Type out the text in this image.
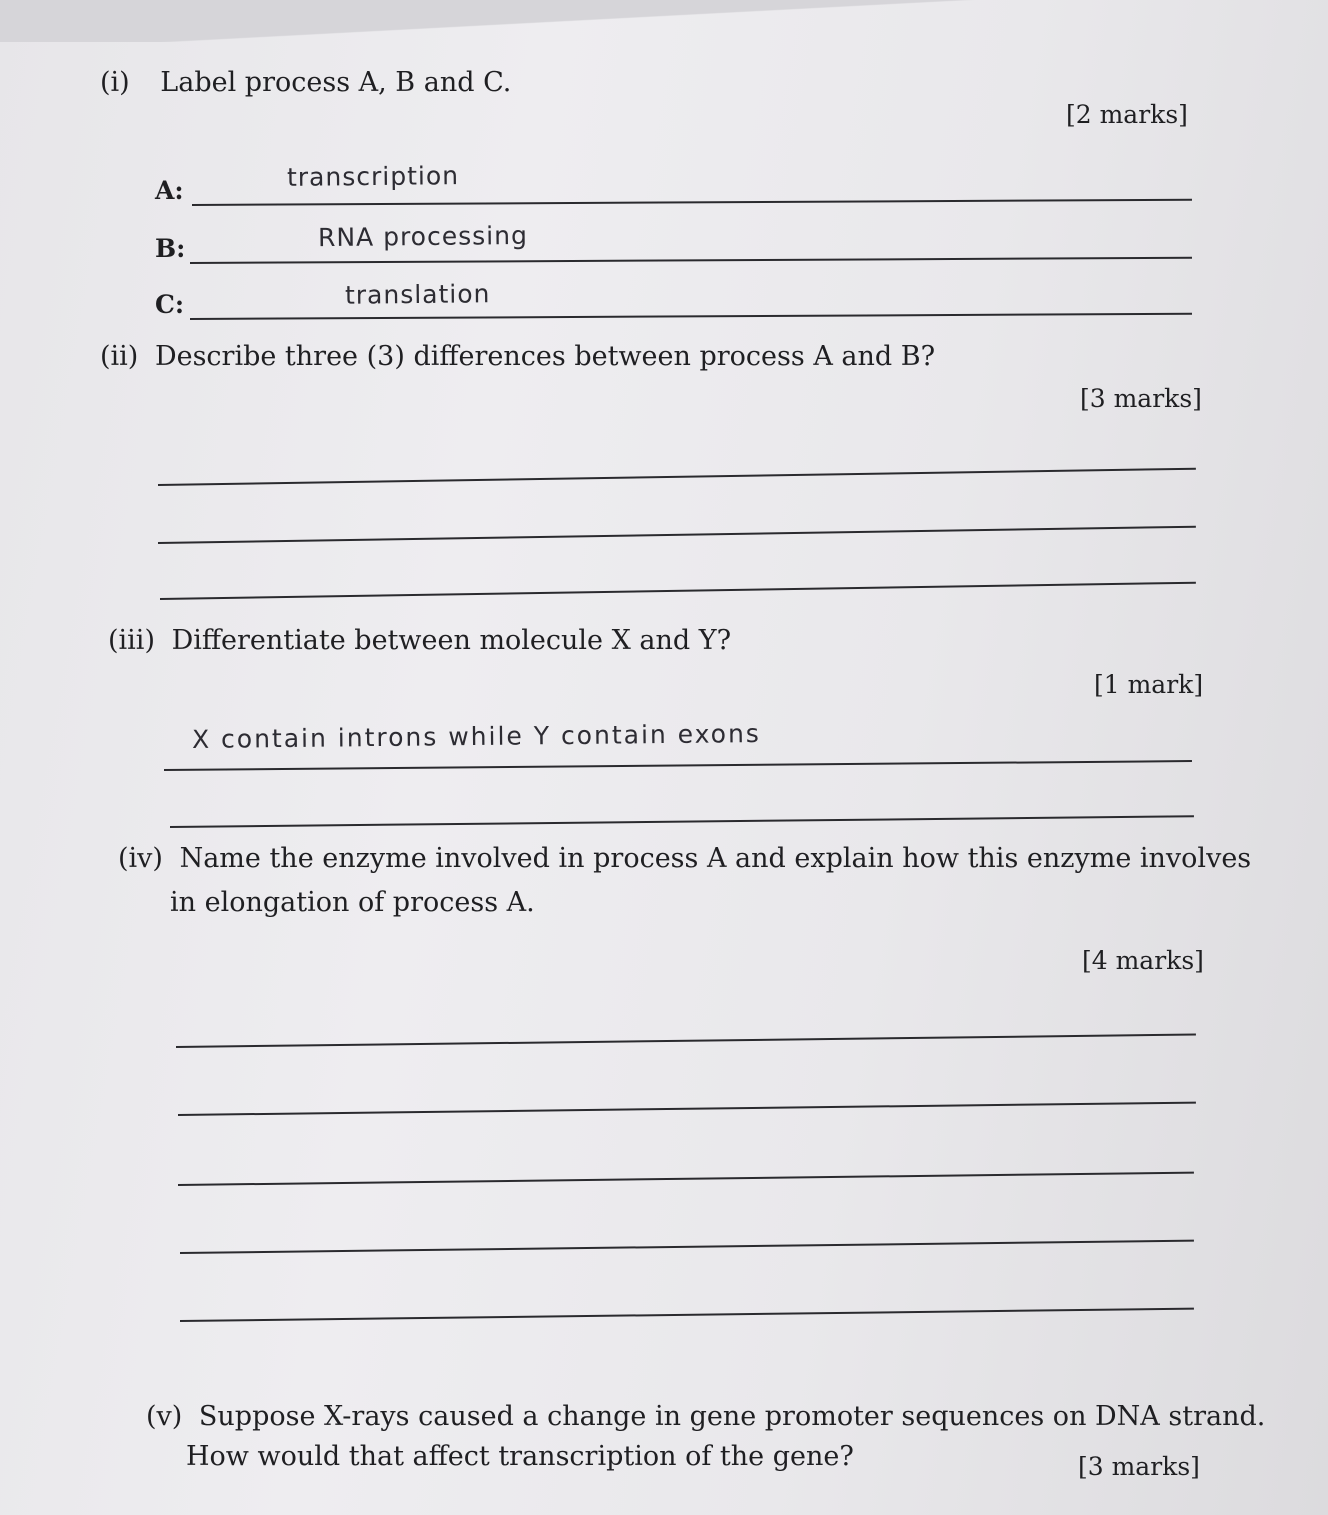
(i) Label process A, B and C.
[2 marks]
A:	transcription
B:	RNA processing
C:	translation
(ii) Describe three (3) differences between process A and B?
[3 marks]
(iii) Differentiate between molecule X and Y?
[1 mark]
X contain introns while Y contain exons
(iv) Name the enzyme involved in process A and explain how this enzyme involves
in elongation of process A.
[4 marks]
(v) Suppose X-rays caused a change in gene promoter sequences on DNA strand.
How would that affect transcription of the gene?	[3 marks]
